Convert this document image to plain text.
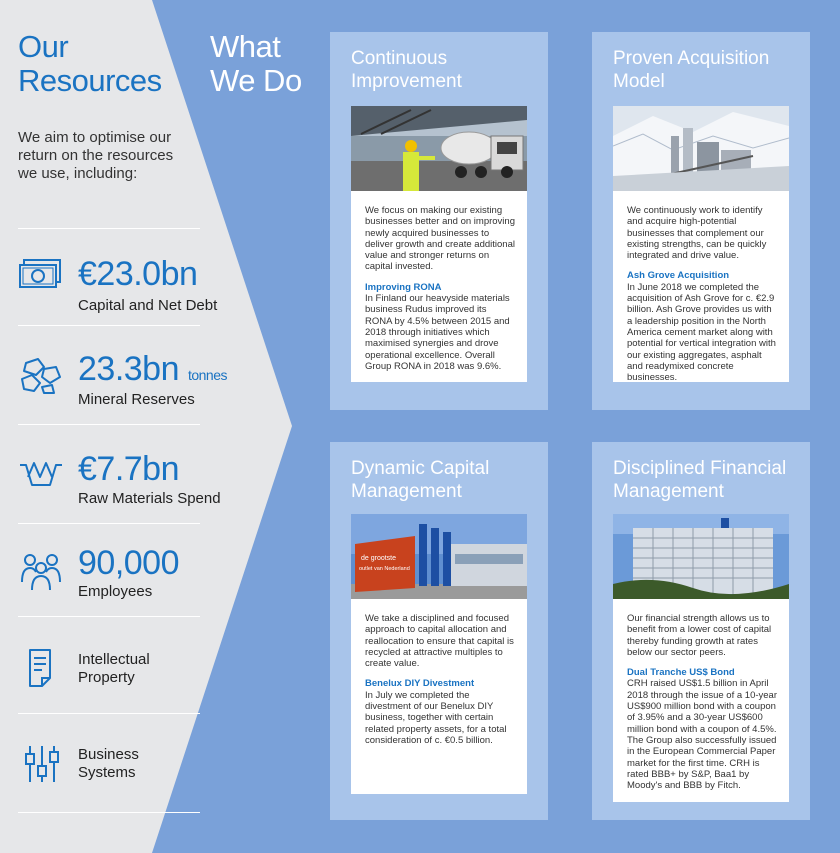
Our
Resources
We aim to optimise our return on the resources we use, including:
€23.0bn
Capital and Net Debt
23.3bn tonnes
Mineral Reserves
€7.7bn
Raw Materials Spend
90,000
Employees
Intellectual
Property
Business
Systems
What
We Do
Continuous
Improvement

We focus on making our existing businesses better and on improving newly acquired businesses to deliver growth and create additional value and stronger returns on capital invested.

Improving RONA

In Finland our heavyside materials business Rudus improved its RONA by 4.5% between 2015 and 2018 through initiatives which maximised synergies and drove operational excellence. Overall Group RONA in 2018 was 9.6%.

Proven Acquisition
Model

We continuously work to identify and acquire high-potential businesses that complement our existing strengths, can be quickly integrated and drive value.

Ash Grove Acquisition

In June 2018 we completed the acquisition of Ash Grove for c. €2.9 billion. Ash Grove provides us with a leadership position in the North America cement market along with potential for vertical integration with our existing aggregates, asphalt and readymixed concrete businesses.

Dynamic Capital
Management
de grootste
outlet van Nederland

We take a disciplined and focused approach to capital allocation and reallocation to ensure that capital is recycled at attractive multiples to create value.

Benelux DIY Divestment

In July we completed the divestment of our Benelux DIY business, together with certain related property assets, for a total consideration of c. €0.5 billion.

Disciplined Financial
Management

Our financial strength allows us to benefit from a lower cost of capital thereby funding growth at rates below our sector peers.

Dual Tranche US$ Bond

CRH raised US$1.5 billion in April 2018 through the issue of a 10-year US$900 million bond with a coupon of 3.95% and a 30-year US$600 million bond with a coupon of 4.5%. The Group also successfully issued in the European Commercial Paper market for the first time. CRH is rated BBB+ by S&P, Baa1 by Moody's and BBB by Fitch.
